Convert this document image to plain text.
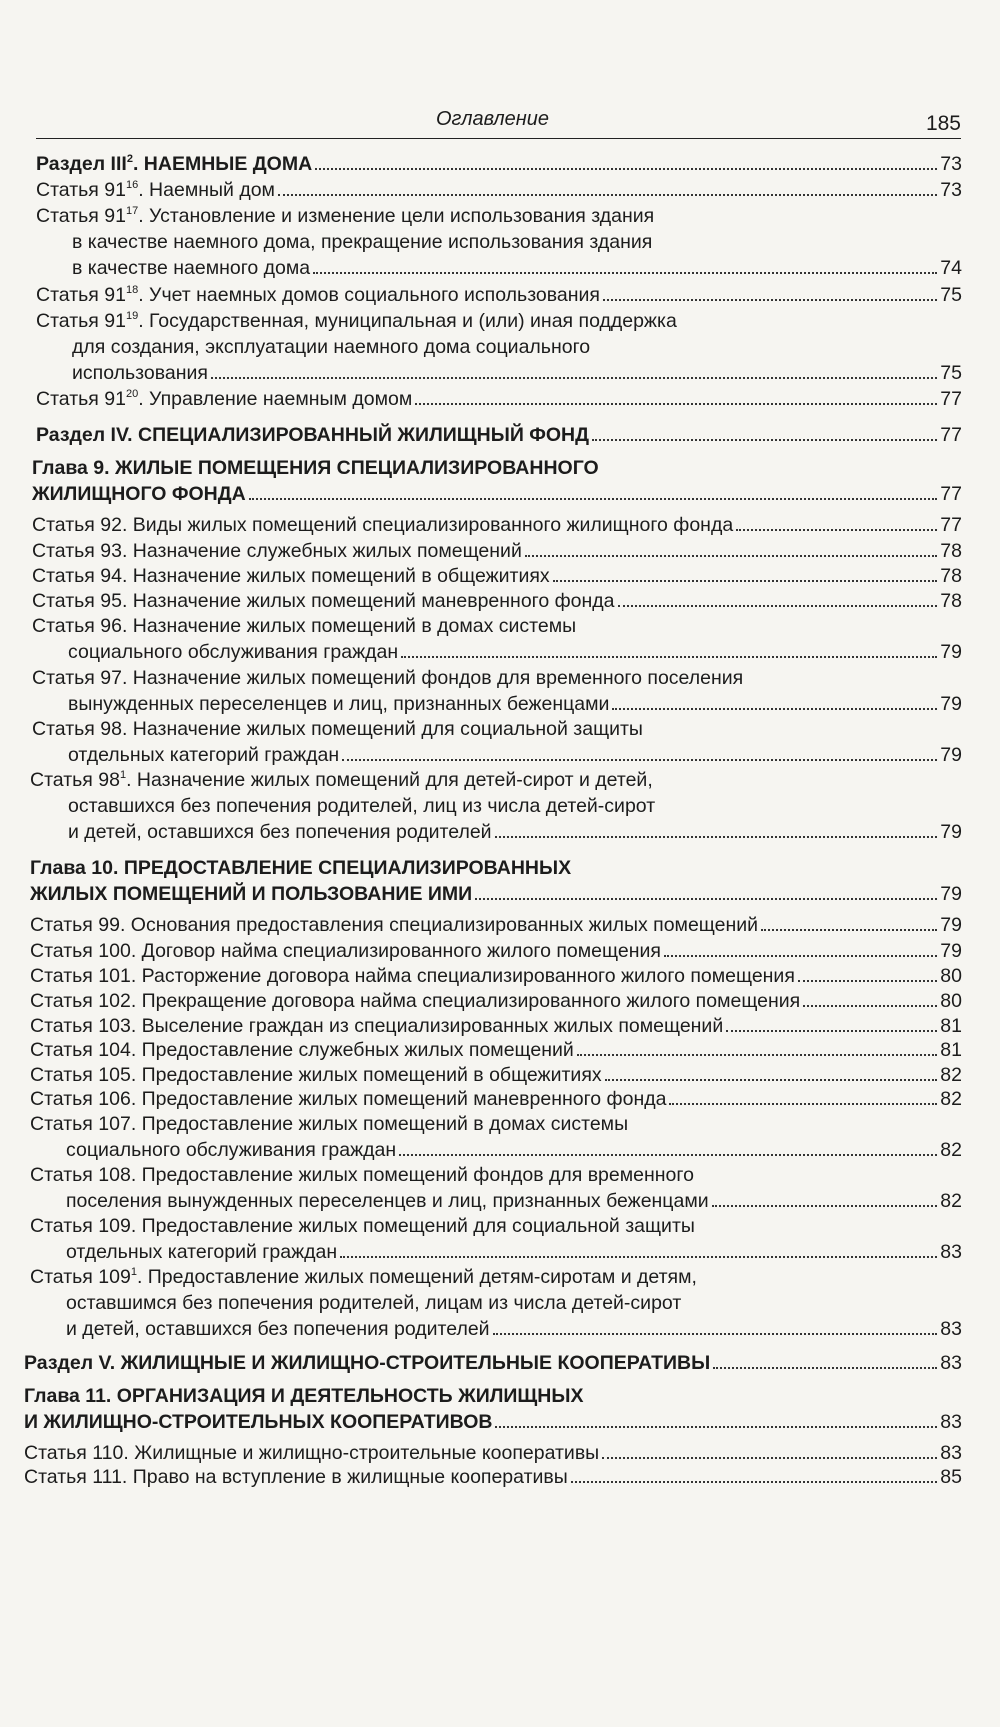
Оглавление	185
Раздел III$^2$. НАЕМНЫЕ ДОМА	73
Статья $91^{16}$. Наемный дом	73
Статья $91^{17}$. Установление и изменение цели использования здания
в качестве наемного дома, прекращение использования здания
в качестве наемного дома	74
Статья $91^{18}$. Учет наемных домов социального использования	75
Статья $91^{19}$. Государственная, муниципальная и (или) иная поддержка
для создания, эксплуатации наемного дома социального
использования	75
Статья $91^{20}$. Управление наемным домом	77
Раздел IV. СПЕЦИАЛИЗИРОВАННЫЙ ЖИЛИЩНЫЙ ФОНД	77
Глава 9. ЖИЛЫЕ ПОМЕЩЕНИЯ СПЕЦИАЛИЗИРОВАННОГО
ЖИЛИЩНОГО ФОНДА	77
Статья 92. Виды жилых помещений специализированного жилищного фонда	77
Статья 93. Назначение служебных жилых помещений	78
Статья 94. Назначение жилых помещений в общежитиях	78
Статья 95. Назначение жилых помещений маневренного фонда	78
Статья 96. Назначение жилых помещений в домах системы
социального обслуживания граждан	79
Статья 97. Назначение жилых помещений фондов для временного поселения
вынужденных переселенцев и лиц, признанных беженцами	79
Статья 98. Назначение жилых помещений для социальной защиты
отдельных категорий граждан	79
Статья $98^1$. Назначение жилых помещений для детей-сирот и детей,
оставшихся без попечения родителей, лиц из числа детей-сирот
и детей, оставшихся без попечения родителей	79
Глава 10. ПРЕДОСТАВЛЕНИЕ СПЕЦИАЛИЗИРОВАННЫХ
ЖИЛЫХ ПОМЕЩЕНИЙ И ПОЛЬЗОВАНИЕ ИМИ	79
Статья 99. Основания предоставления специализированных жилых помещений	79
Статья 100. Договор найма специализированного жилого помещения	79
Статья 101. Расторжение договора найма специализированного жилого помещения	80
Статья 102. Прекращение договора найма специализированного жилого помещения	80
Статья 103. Выселение граждан из специализированных жилых помещений	81
Статья 104. Предоставление служебных жилых помещений	81
Статья 105. Предоставление жилых помещений в общежитиях	82
Статья 106. Предоставление жилых помещений маневренного фонда	82
Статья 107. Предоставление жилых помещений в домах системы
социального обслуживания граждан	82
Статья 108. Предоставление жилых помещений фондов для временного
поселения вынужденных переселенцев и лиц, признанных беженцами	82
Статья 109. Предоставление жилых помещений для социальной защиты
отдельных категорий граждан	83
Статья $109^1$. Предоставление жилых помещений детям-сиротам и детям,
оставшимся без попечения родителей, лицам из числа детей-сирот
и детей, оставшихся без попечения родителей	83
Раздел V. ЖИЛИЩНЫЕ И ЖИЛИЩНО-СТРОИТЕЛЬНЫЕ КООПЕРАТИВЫ	83
Глава 11. ОРГАНИЗАЦИЯ И ДЕЯТЕЛЬНОСТЬ ЖИЛИЩНЫХ
И ЖИЛИЩНО-СТРОИТЕЛЬНЫХ КООПЕРАТИВОВ	83
Статья 110. Жилищные и жилищно-строительные кооперативы	83
Статья 111. Право на вступление в жилищные кооперативы	85
